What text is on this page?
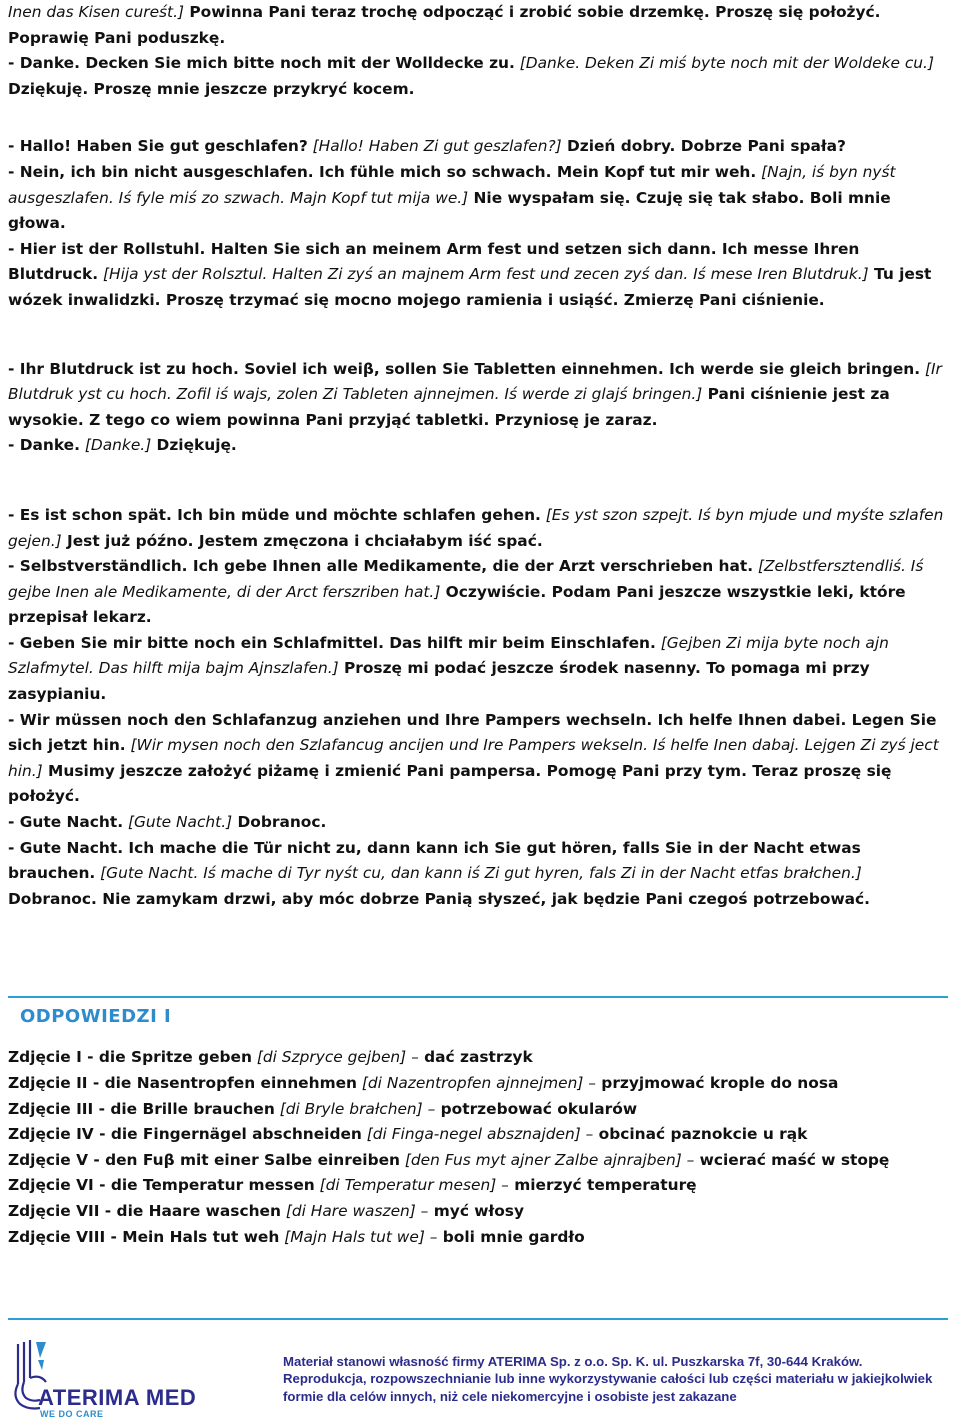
Inen das Kisen cureśt.] Powinna Pani teraz trochę odpocząć i zrobić sobie drzemkę. Proszę się położyć. Poprawię Pani poduszkę.

- Danke. Decken Sie mich bitte noch mit der Wolldecke zu. [Danke. Deken Zi miś byte noch mit der Woldeke cu.] Dziękuję. Proszę mnie jeszcze przykryć kocem.

- Hallo! Haben Sie gut geschlafen? [Hallo! Haben Zi gut geszlafen?] Dzień dobry. Dobrze Pani spała?

- Nein, ich bin nicht ausgeschlafen. Ich fühle mich so schwach. Mein Kopf tut mir weh. [Najn, iś byn nyśt ausgeszlafen. Iś fyle miś zo szwach. Majn Kopf tut mija we.] Nie wyspałam się. Czuję się tak słabo. Boli mnie głowa.

- Hier ist der Rollstuhl. Halten Sie sich an meinem Arm fest und setzen sich dann. Ich messe Ihren Blutdruck. [Hija yst der Rolsztul. Halten Zi zyś an majnem Arm fest und zecen zyś dan. Iś mese Iren Blutdruk.] Tu jest wózek inwalidzki. Proszę trzymać się mocno mojego ramienia i usiąść. Zmierzę Pani ciśnienie.

- Ihr Blutdruck ist zu hoch. Soviel ich weiβ, sollen Sie Tabletten einnehmen. Ich werde sie gleich bringen. [Ir Blutdruk yst cu hoch. Zofil iś wajs, zolen Zi Tableten ajnnejmen. Iś werde zi glajś bringen.] Pani ciśnienie jest za wysokie. Z tego co wiem powinna Pani przyjąć tabletki. Przyniosę je zaraz.

- Danke. [Danke.] Dziękuję.

- Es ist schon spät. Ich bin müde und möchte schlafen gehen. [Es yst szon szpejt. Iś byn mjude und myśte szlafen gejen.] Jest już późno. Jestem zmęczona i chciałabym iść spać.

- Selbstverständlich. Ich gebe Ihnen alle Medikamente, die der Arzt verschrieben hat. [Zelbstfersztendliś. Iś gejbe Inen ale Medikamente, di der Arct ferszriben hat.] Oczywiście. Podam Pani jeszcze wszystkie leki, które przepisał lekarz.

- Geben Sie mir bitte noch ein Schlafmittel. Das hilft mir beim Einschlafen. [Gejben Zi mija byte noch ajn Szlafmytel. Das hilft mija bajm Ajnszlafen.] Proszę mi podać jeszcze środek nasenny. To pomaga mi przy zasypianiu.

- Wir müssen noch den Schlafanzug anziehen und Ihre Pampers wechseln. Ich helfe Ihnen dabei. Legen Sie sich jetzt hin. [Wir mysen noch den Szlafancug ancijen und Ire Pampers wekseln. Iś helfe Inen dabaj. Lejgen Zi zyś ject hin.] Musimy jeszcze założyć piżamę i zmienić Pani pampersa. Pomogę Pani przy tym. Teraz proszę się położyć.

- Gute Nacht. [Gute Nacht.] Dobranoc.

- Gute Nacht. Ich mache die Tür nicht zu, dann kann ich Sie gut hören, falls Sie in der Nacht etwas brauchen. [Gute Nacht. Iś mache di Tyr nyśt cu, dan kann iś Zi gut hyren, fals Zi in der Nacht etfas brałchen.] Dobranoc. Nie zamykam drzwi, aby móc dobrze Panią słyszeć, jak będzie Pani czegoś potrzebować.

ODPOWIEDZI I

Zdjęcie I - die Spritze geben [di Szpryce gejben] – dać zastrzyk

Zdjęcie II - die Nasentropfen einnehmen [di Nazentropfen ajnnejmen] – przyjmować krople do nosa

Zdjęcie III - die Brille brauchen [di Bryle brałchen] – potrzebować okularów

Zdjęcie IV - die Fingernägel abschneiden [di Finga-negel absznajden] – obcinać paznokcie u rąk

Zdjęcie V - den Fuβ mit einer Salbe einreiben [den Fus myt ajner Zalbe ajnrajben] – wcierać maść w stopę

Zdjęcie VI - die Temperatur messen [di Temperatur mesen] – mierzyć temperaturę

Zdjęcie VII - die Haare waschen [di Hare waszen] – myć włosy

Zdjęcie VIII - Mein Hals tut weh [Majn Hals tut we] – boli mnie gardło

ATERIMA MED
WE DO CARE

Materiał stanowi własność firmy ATERIMA Sp. z o.o. Sp. K. ul. Puszkarska 7f, 30-644 Kraków.

Reprodukcja, rozpowszechnianie lub inne wykorzystywanie całości lub części materiału w jakiejkolwiek

formie dla celów innych, niż cele niekomercyjne i osobiste jest zakazane
